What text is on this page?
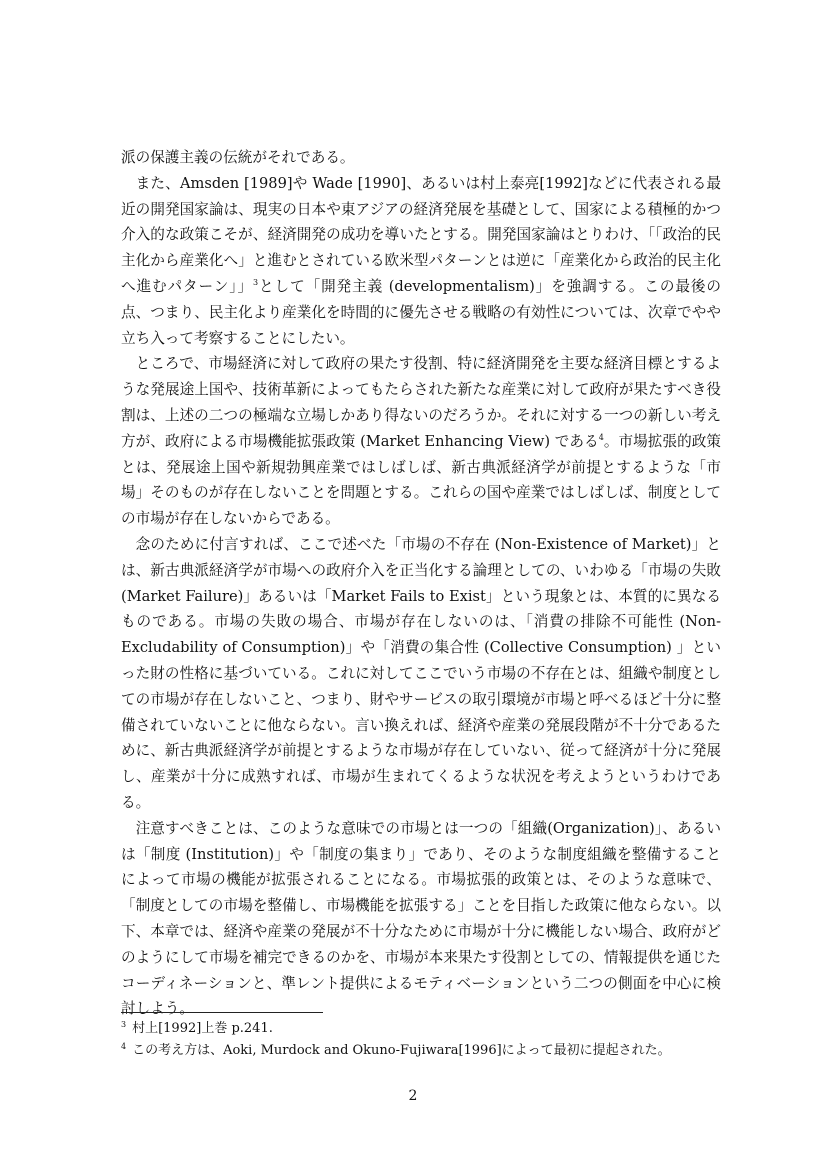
派の保護主義の伝統がそれである。

また、Amsden [1989]や Wade [1990]、あるいは村上泰亮[1992]などに代表される最近の開発国家論は、現実の日本や東アジアの経済発展を基礎として、国家による積極的かつ介入的な政策こそが、経済開発の成功を導いたとする。開発国家論はとりわけ、「「政治的民主化から産業化へ」と進むとされている欧米型パターンとは逆に「産業化から政治的民主化へ進むパターン」」$^3$として「開発主義 (developmentalism)」を強調する。この最後の点、つまり、民主化より産業化を時間的に優先させる戦略の有効性については、次章でやや立ち入って考察することにしたい。

ところで、市場経済に対して政府の果たす役割、特に経済開発を主要な経済目標とするような発展途上国や、技術革新によってもたらされた新たな産業に対して政府が果たすべき役割は、上述の二つの極端な立場しかあり得ないのだろうか。それに対する一つの新しい考え方が、政府による市場機能拡張政策 (Market Enhancing View) である$^4$。市場拡張的政策とは、発展途上国や新規勃興産業ではしばしば、新古典派経済学が前提とするような「市場」そのものが存在しないことを問題とする。これらの国や産業ではしばしば、制度としての市場が存在しないからである。

念のために付言すれば、ここで述べた「市場の不存在 (Non-Existence of Market)」とは、新古典派経済学が市場への政府介入を正当化する論理としての、いわゆる「市場の失敗 (Market Failure)」あるいは「Market Fails to Exist」という現象とは、本質的に異なるものである。市場の失敗の場合、市場が存在しないのは、「消費の排除不可能性 (Non-Excludability of Consumption)」や「消費の集合性 (Collective Consumption) 」といった財の性格に基づいている。これに対してここでいう市場の不存在とは、組織や制度としての市場が存在しないこと、つまり、財やサービスの取引環境が市場と呼べるほど十分に整備されていないことに他ならない。言い換えれば、経済や産業の発展段階が不十分であるために、新古典派経済学が前提とするような市場が存在していない、従って経済が十分に発展し、産業が十分に成熟すれば、市場が生まれてくるような状況を考えようというわけである。

注意すべきことは、このような意味での市場とは一つの「組織(Organization)」、あるいは「制度 (Institution)」や「制度の集まり」であり、そのような制度組織を整備することによって市場の機能が拡張されることになる。市場拡張的政策とは、そのような意味で、「制度としての市場を整備し、市場機能を拡張する」ことを目指した政策に他ならない。以下、本章では、経済や産業の発展が不十分なために市場が十分に機能しない場合、政府がどのようにして市場を補完できるのかを、市場が本来果たす役割としての、情報提供を通じたコーディネーションと、準レント提供によるモティベーションという二つの側面を中心に検討しよう。

3 村上[1992]上巻 p.241.
4 この考え方は、Aoki, Murdock and Okuno-Fujiwara[1996]によって最初に提起された。
2
